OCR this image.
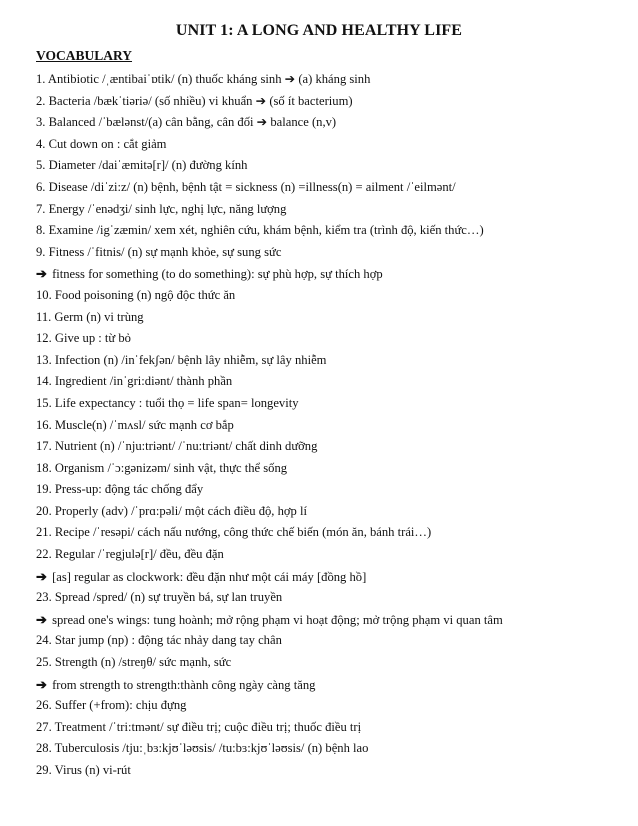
UNIT 1: A LONG AND HEALTHY LIFE
VOCABULARY
1. Antibiotic /ˌæntibaiˈɒtik/ (n) thuốc kháng sinh ➔ (a) kháng sinh
2. Bacteria /bækˈtiəriə/ (số nhiều) vi khuẩn ➔ (số ít bacterium)
3. Balanced /ˈbælənst/(a) cân bằng, cân đối ➔ balance (n,v)
4. Cut down on : cắt giảm
5. Diameter /daiˈæmitə[r]/ (n) đường kính
6. Disease /diˈzi:z/ (n) bệnh, bệnh tật = sickness (n) =illness(n) = ailment /ˈeilmənt/
7. Energy /ˈenədʒi/ sinh lực, nghị lực, năng lượng
8. Examine /igˈzæmin/ xem xét, nghiên cứu, khám bệnh, kiểm tra (trình độ, kiến thức…)
9. Fitness /ˈfitnis/ (n) sự mạnh khỏe, sự sung sức
➔ fitness for something (to do something): sự phù hợp, sự thích hợp
10. Food poisoning (n) ngộ độc thức ăn
11. Germ (n) vi trùng
12. Give up : từ bỏ
13. Infection (n) /inˈfekʃən/ bệnh lây nhiễm, sự lây nhiễm
14. Ingredient /inˈgri:diənt/ thành phần
15. Life expectancy : tuổi thọ = life span= longevity
16. Muscle(n) /ˈmʌsl/ sức mạnh cơ bắp
17. Nutrient (n) /ˈnju:triənt/ /ˈnu:triənt/ chất dinh dưỡng
18. Organism /ˈɔ:gənizəm/ sinh vật, thực thể sống
19. Press-up: động tác chống đẩy
20. Properly (adv) /ˈprɑ:pəli/ một cách điều độ, hợp lí
21. Recipe /ˈresəpi/ cách nấu nướng, công thức chế biến (món ăn, bánh trái…)
22. Regular /ˈregjulə[r]/ đều, đều đặn
➔ [as] regular as clockwork: đều đặn như một cái máy [đồng hồ]
23. Spread /spred/ (n) sự truyền bá, sự lan truyền
➔ spread one's wings: tung hoành; mở rộng phạm vi hoạt động; mở trộng phạm vi quan tâm
24. Star jump (np) : động tác nhảy dang tay chân
25. Strength (n) /streŋθ/ sức mạnh, sức
➔ from strength to strength:thành công ngày càng tăng
26. Suffer (+from): chịu đựng
27. Treatment /ˈtri:tmənt/ sự điều trị; cuộc điều trị; thuốc điều trị
28. Tuberculosis /tju:ˌbɜ:kjʊˈləʊsis/ /tu:bɜ:kjʊˈləʊsis/ (n) bệnh lao
29. Virus (n) vi-rút
